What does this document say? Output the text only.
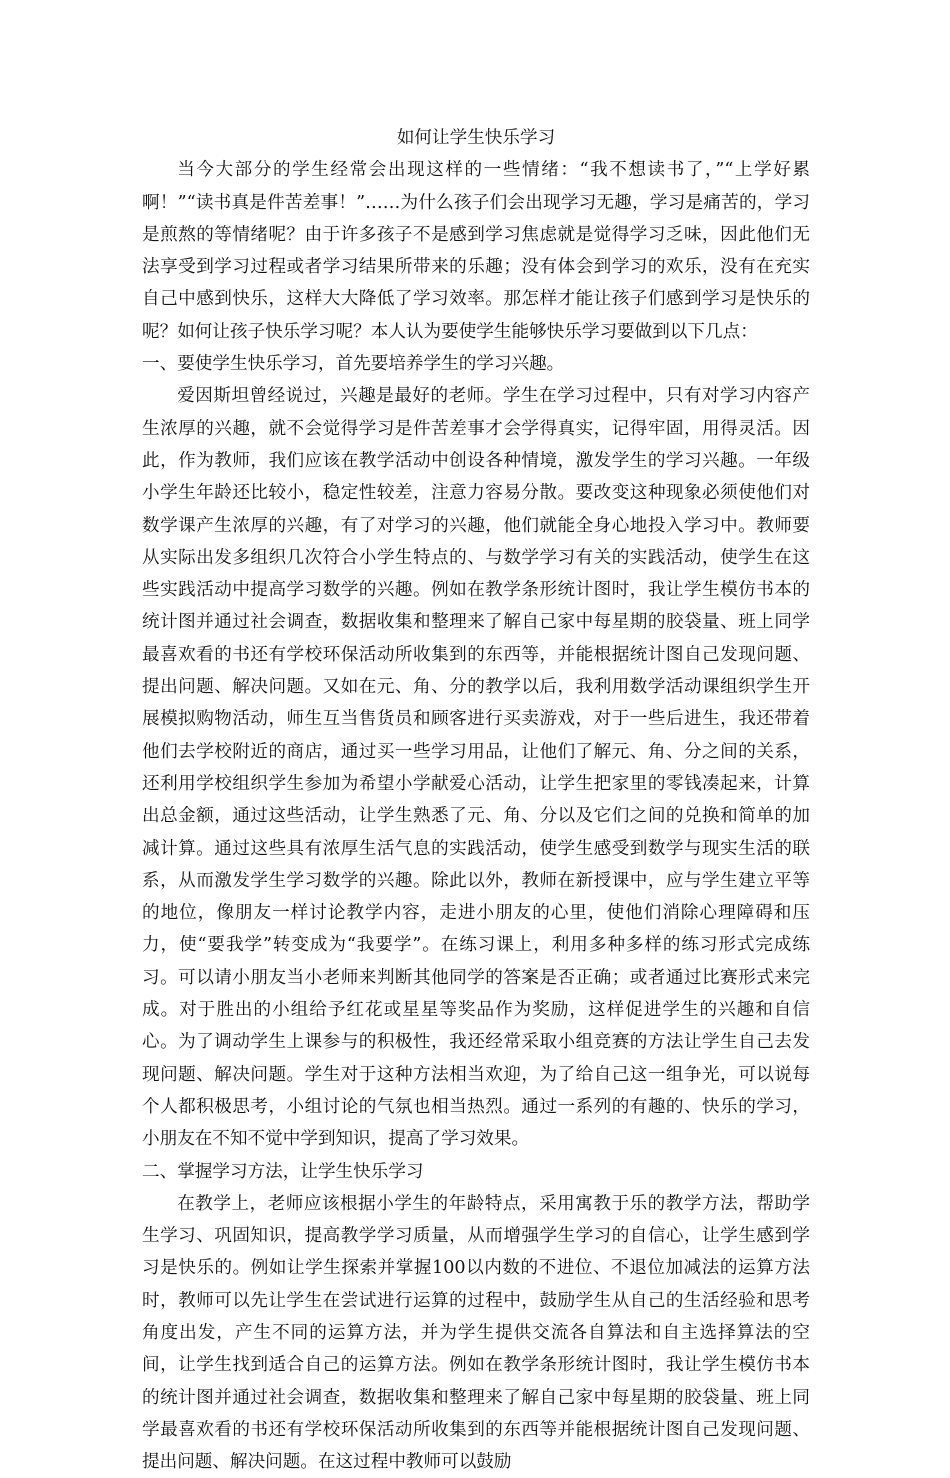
如何让学生快乐学习

当今大部分的学生经常会出现这样的一些情绪：“我不想读书了，”“上学好累啊！”“读书真是件苦差事！”……为什么孩子们会出现学习无趣，学习是痛苦的，学习是煎熬的等情绪呢？由于许多孩子不是感到学习焦虑就是觉得学习乏味，因此他们无法享受到学习过程或者学习结果所带来的乐趣；没有体会到学习的欢乐，没有在充实自己中感到快乐，这样大大降低了学习效率。那怎样才能让孩子们感到学习是快乐的呢？如何让孩子快乐学习呢？本人认为要使学生能够快乐学习要做到以下几点：

一、要使学生快乐学习，首先要培养学生的学习兴趣。

爱因斯坦曾经说过，兴趣是最好的老师。学生在学习过程中，只有对学习内容产生浓厚的兴趣，就不会觉得学习是件苦差事才会学得真实，记得牢固，用得灵活。因此，作为教师，我们应该在教学活动中创设各种情境，激发学生的学习兴趣。一年级小学生年龄还比较小，稳定性较差，注意力容易分散。要改变这种现象必须使他们对数学课产生浓厚的兴趣，有了对学习的兴趣，他们就能全身心地投入学习中。教师要从实际出发多组织几次符合小学生特点的、与数学学习有关的实践活动，使学生在这些实践活动中提高学习数学的兴趣。例如在教学条形统计图时，我让学生模仿书本的统计图并通过社会调查，数据收集和整理来了解自己家中每星期的胶袋量、班上同学最喜欢看的书还有学校环保活动所收集到的东西等，并能根据统计图自己发现问题、提出问题、解决问题。又如在元、角、分的教学以后，我利用数学活动课组织学生开展模拟购物活动，师生互当售货员和顾客进行买卖游戏，对于一些后进生，我还带着他们去学校附近的商店，通过买一些学习用品，让他们了解元、角、分之间的关系，还利用学校组织学生参加为希望小学献爱心活动，让学生把家里的零钱凑起来，计算出总金额，通过这些活动，让学生熟悉了元、角、分以及它们之间的兑换和简单的加减计算。通过这些具有浓厚生活气息的实践活动，使学生感受到数学与现实生活的联系，从而激发学生学习数学的兴趣。除此以外，教师在新授课中，应与学生建立平等的地位，像朋友一样讨论教学内容，走进小朋友的心里，使他们消除心理障碍和压力，使“要我学”转变成为“我要学”。在练习课上，利用多种多样的练习形式完成练习。可以请小朋友当小老师来判断其他同学的答案是否正确；或者通过比赛形式来完成。对于胜出的小组给予红花或星星等奖品作为奖励，这样促进学生的兴趣和自信心。为了调动学生上课参与的积极性，我还经常采取小组竞赛的方法让学生自己去发现问题、解决问题。学生对于这种方法相当欢迎，为了给自己这一组争光，可以说每个人都积极思考，小组讨论的气氛也相当热烈。通过一系列的有趣的、快乐的学习，小朋友在不知不觉中学到知识，提高了学习效果。

二、掌握学习方法，让学生快乐学习

在教学上，老师应该根据小学生的年龄特点，采用寓教于乐的教学方法，帮助学生学习、巩固知识，提高教学学习质量，从而增强学生学习的自信心，让学生感到学习是快乐的。例如让学生探索并掌握100以内数的不进位、不退位加减法的运算方法时，教师可以先让学生在尝试进行运算的过程中，鼓励学生从自己的生活经验和思考角度出发，产生不同的运算方法，并为学生提供交流各自算法和自主选择算法的空间，让学生找到适合自己的运算方法。例如在教学条形统计图时，我让学生模仿书本的统计图并通过社会调查，数据收集和整理来了解自己家中每星期的胶袋量、班上同学最喜欢看的书还有学校环保活动所收集到的东西等并能根据统计图自己发现问题、提出问题、解决问题。在这过程中教师可以鼓励
